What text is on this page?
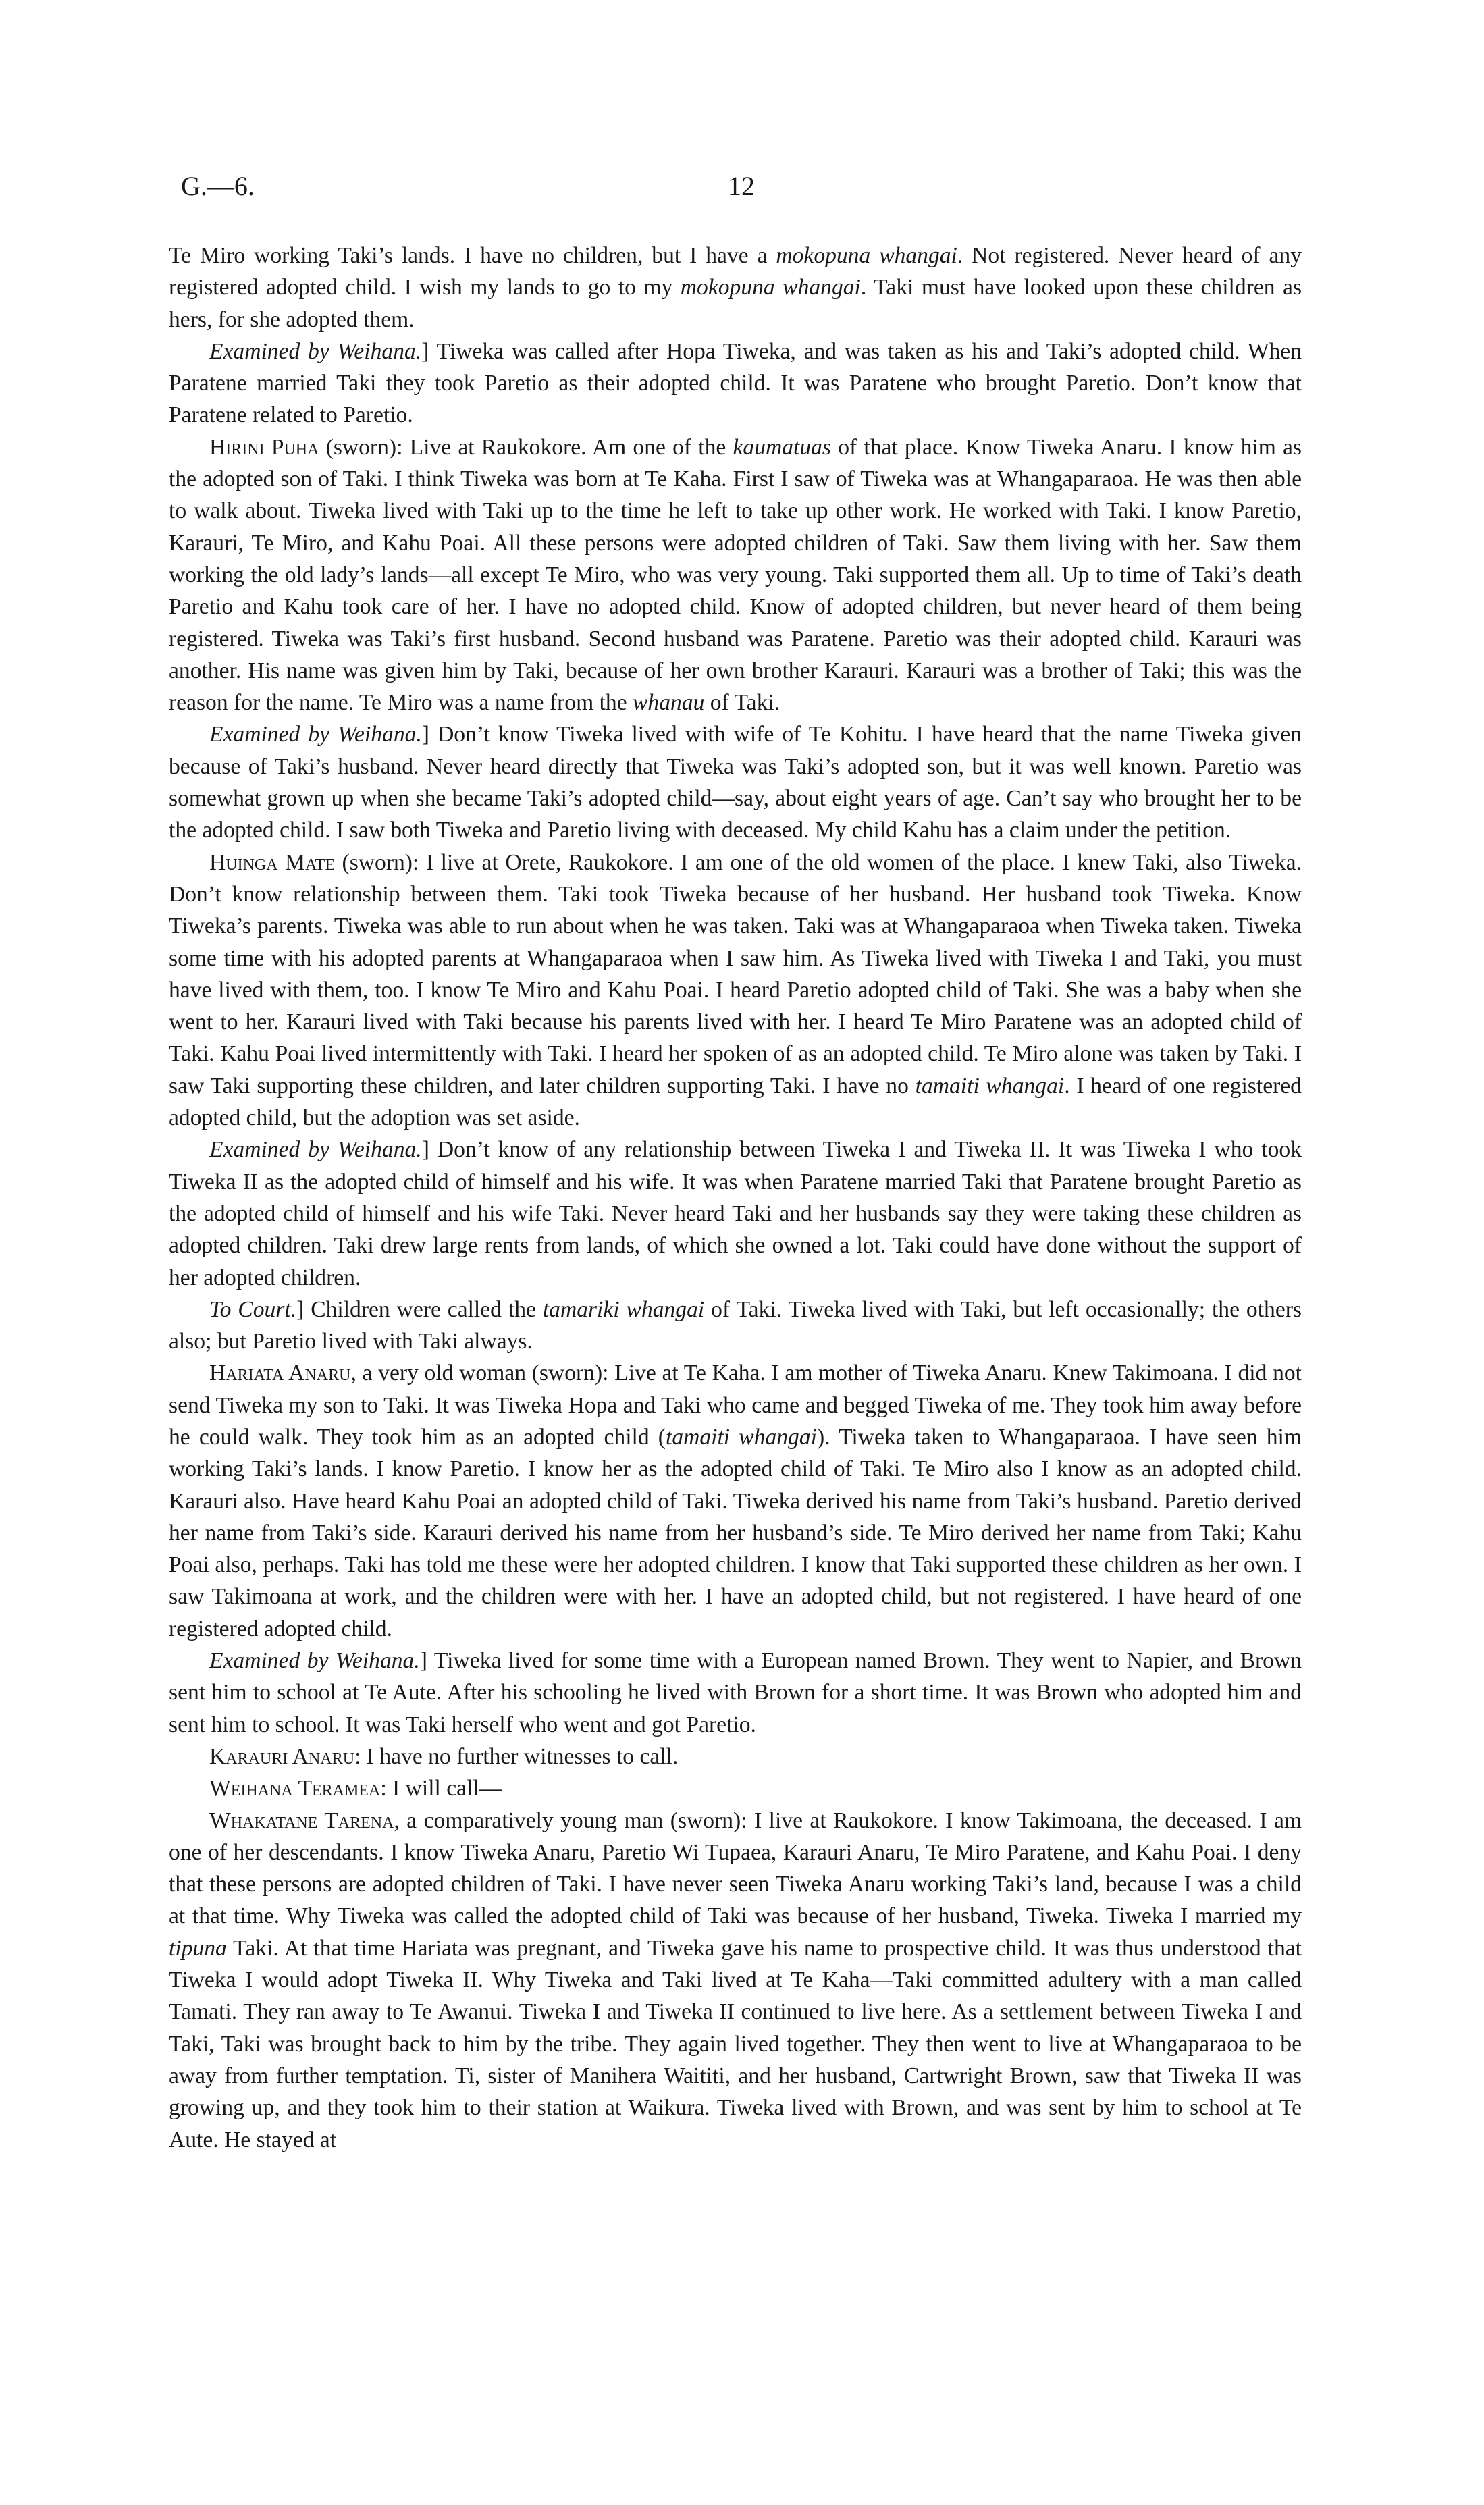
G.—6.	12

Te Miro working Taki’s lands. I have no children, but I have a mokopuna whangai. Not registered. Never heard of any registered adopted child. I wish my lands to go to my mokopuna whangai. Taki must have looked upon these children as hers, for she adopted them.

Examined by Weihana.] Tiweka was called after Hopa Tiweka, and was taken as his and Taki’s adopted child. When Paratene married Taki they took Paretio as their adopted child. It was Paratene who brought Paretio. Don’t know that Paratene related to Paretio.

Hirini Puha (sworn): Live at Raukokore. Am one of the kaumatuas of that place. Know Tiweka Anaru. I know him as the adopted son of Taki. I think Tiweka was born at Te Kaha. First I saw of Tiweka was at Whangaparaoa. He was then able to walk about. Tiweka lived with Taki up to the time he left to take up other work. He worked with Taki. I know Paretio, Karauri, Te Miro, and Kahu Poai. All these persons were adopted children of Taki. Saw them living with her. Saw them working the old lady’s lands—all except Te Miro, who was very young. Taki supported them all. Up to time of Taki’s death Paretio and Kahu took care of her. I have no adopted child. Know of adopted children, but never heard of them being registered. Tiweka was Taki’s first husband. Second husband was Paratene. Paretio was their adopted child. Karauri was another. His name was given him by Taki, because of her own brother Karauri. Karauri was a brother of Taki; this was the reason for the name. Te Miro was a name from the whanau of Taki.

Examined by Weihana.] Don’t know Tiweka lived with wife of Te Kohitu. I have heard that the name Tiweka given because of Taki’s husband. Never heard directly that Tiweka was Taki’s adopted son, but it was well known. Paretio was somewhat grown up when she became Taki’s adopted child—say, about eight years of age. Can’t say who brought her to be the adopted child. I saw both Tiweka and Paretio living with deceased. My child Kahu has a claim under the petition.

Huinga Mate (sworn): I live at Orete, Raukokore. I am one of the old women of the place. I knew Taki, also Tiweka. Don’t know relationship between them. Taki took Tiweka because of her husband. Her husband took Tiweka. Know Tiweka’s parents. Tiweka was able to run about when he was taken. Taki was at Whangaparaoa when Tiweka taken. Tiweka some time with his adopted parents at Whangaparaoa when I saw him. As Tiweka lived with Tiweka I and Taki, you must have lived with them, too. I know Te Miro and Kahu Poai. I heard Paretio adopted child of Taki. She was a baby when she went to her. Karauri lived with Taki because his parents lived with her. I heard Te Miro Paratene was an adopted child of Taki. Kahu Poai lived intermittently with Taki. I heard her spoken of as an adopted child. Te Miro alone was taken by Taki. I saw Taki supporting these children, and later children supporting Taki. I have no tamaiti whangai. I heard of one registered adopted child, but the adoption was set aside.

Examined by Weihana.] Don’t know of any relationship between Tiweka I and Tiweka II. It was Tiweka I who took Tiweka II as the adopted child of himself and his wife. It was when Paratene married Taki that Paratene brought Paretio as the adopted child of himself and his wife Taki. Never heard Taki and her husbands say they were taking these children as adopted children. Taki drew large rents from lands, of which she owned a lot. Taki could have done without the support of her adopted children.

To Court.] Children were called the tamariki whangai of Taki. Tiweka lived with Taki, but left occasionally; the others also; but Paretio lived with Taki always.

Hariata Anaru, a very old woman (sworn): Live at Te Kaha. I am mother of Tiweka Anaru. Knew Takimoana. I did not send Tiweka my son to Taki. It was Tiweka Hopa and Taki who came and begged Tiweka of me. They took him away before he could walk. They took him as an adopted child (tamaiti whangai). Tiweka taken to Whangaparaoa. I have seen him working Taki’s lands. I know Paretio. I know her as the adopted child of Taki. Te Miro also I know as an adopted child. Karauri also. Have heard Kahu Poai an adopted child of Taki. Tiweka derived his name from Taki’s husband. Paretio derived her name from Taki’s side. Karauri derived his name from her husband’s side. Te Miro derived her name from Taki; Kahu Poai also, perhaps. Taki has told me these were her adopted children. I know that Taki supported these children as her own. I saw Takimoana at work, and the children were with her. I have an adopted child, but not registered. I have heard of one registered adopted child.

Examined by Weihana.] Tiweka lived for some time with a European named Brown. They went to Napier, and Brown sent him to school at Te Aute. After his schooling he lived with Brown for a short time. It was Brown who adopted him and sent him to school. It was Taki herself who went and got Paretio.

Karauri Anaru: I have no further witnesses to call.

Weihana Teramea: I will call—

Whakatane Tarena, a comparatively young man (sworn): I live at Raukokore. I know Takimoana, the deceased. I am one of her descendants. I know Tiweka Anaru, Paretio Wi Tupaea, Karauri Anaru, Te Miro Paratene, and Kahu Poai. I deny that these persons are adopted children of Taki. I have never seen Tiweka Anaru working Taki’s land, because I was a child at that time. Why Tiweka was called the adopted child of Taki was because of her husband, Tiweka. Tiweka I married my tipuna Taki. At that time Hariata was pregnant, and Tiweka gave his name to prospective child. It was thus understood that Tiweka I would adopt Tiweka II. Why Tiweka and Taki lived at Te Kaha—Taki committed adultery with a man called Tamati. They ran away to Te Awanui. Tiweka I and Tiweka II continued to live here. As a settlement between Tiweka I and Taki, Taki was brought back to him by the tribe. They again lived together. They then went to live at Whangaparaoa to be away from further temptation. Ti, sister of Manihera Waititi, and her husband, Cartwright Brown, saw that Tiweka II was growing up, and they took him to their station at Waikura. Tiweka lived with Brown, and was sent by him to school at Te Aute. He stayed at
